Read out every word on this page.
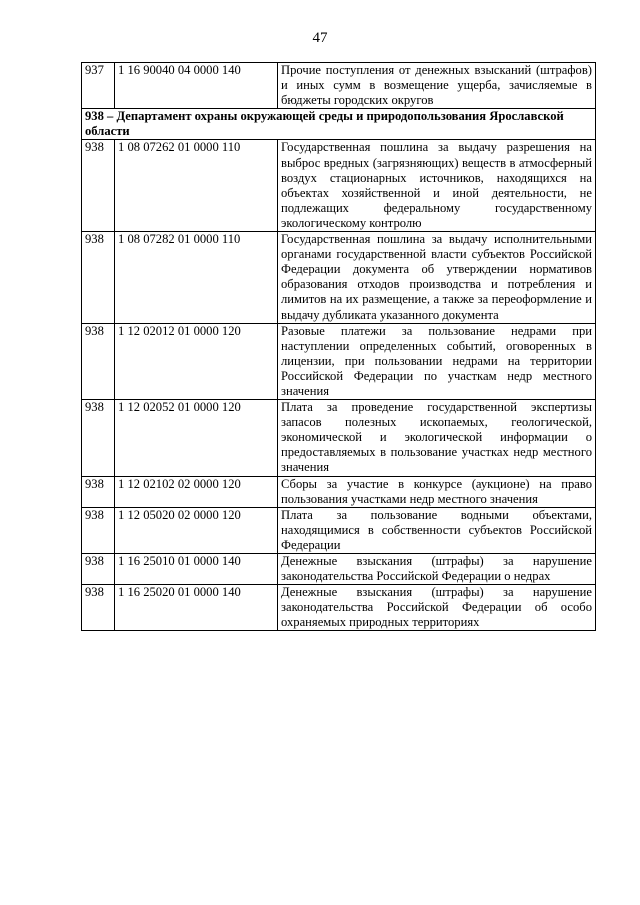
47
937	1 16 90040 04 0000 140	Прочие поступления от денежных взысканий (штрафов) и иных сумм в возмещение ущерба, зачисляемые в бюджеты городских округов
938 – Департамент охраны окружающей среды и природопользования Ярославской области		
938	1 08 07262 01 0000 110	Государственная пошлина за выдачу разрешения на выброс вредных (загрязняющих) веществ в атмосферный воздух стационарных источников, находящихся на объектах хозяйственной и иной деятельности, не подлежащих федеральному государственному экологическому контролю
938	1 08 07282 01 0000 110	Государственная пошлина за выдачу исполнительными органами государственной власти субъектов Российской Федерации документа об утверждении нормативов образования отходов производства и потребления и лимитов на их размещение, а также за переоформление и выдачу дубликата указанного документа
938	1 12 02012 01 0000 120	Разовые платежи за пользование недрами при наступлении определенных событий, оговоренных в лицензии, при пользовании недрами на территории Российской Федерации по участкам недр местного значения
938	1 12 02052 01 0000 120	Плата за проведение государственной экспертизы запасов полезных ископаемых, геологической, экономической и экологической информации о предоставляемых в пользование участках недр местного значения
938	1 12 02102 02 0000 120	Сборы за участие в конкурсе (аукционе) на право пользования участками недр местного значения
938	1 12 05020 02 0000 120	Плата за пользование водными объектами, находящимися в собственности субъектов Российской Федерации
938	1 16 25010 01 0000 140	Денежные взыскания (штрафы) за нарушение законодательства Российской Федерации о недрах
938	1 16 25020 01 0000 140	Денежные взыскания (штрафы) за нарушение законодательства Российской Федерации об особо охраняемых природных территориях
